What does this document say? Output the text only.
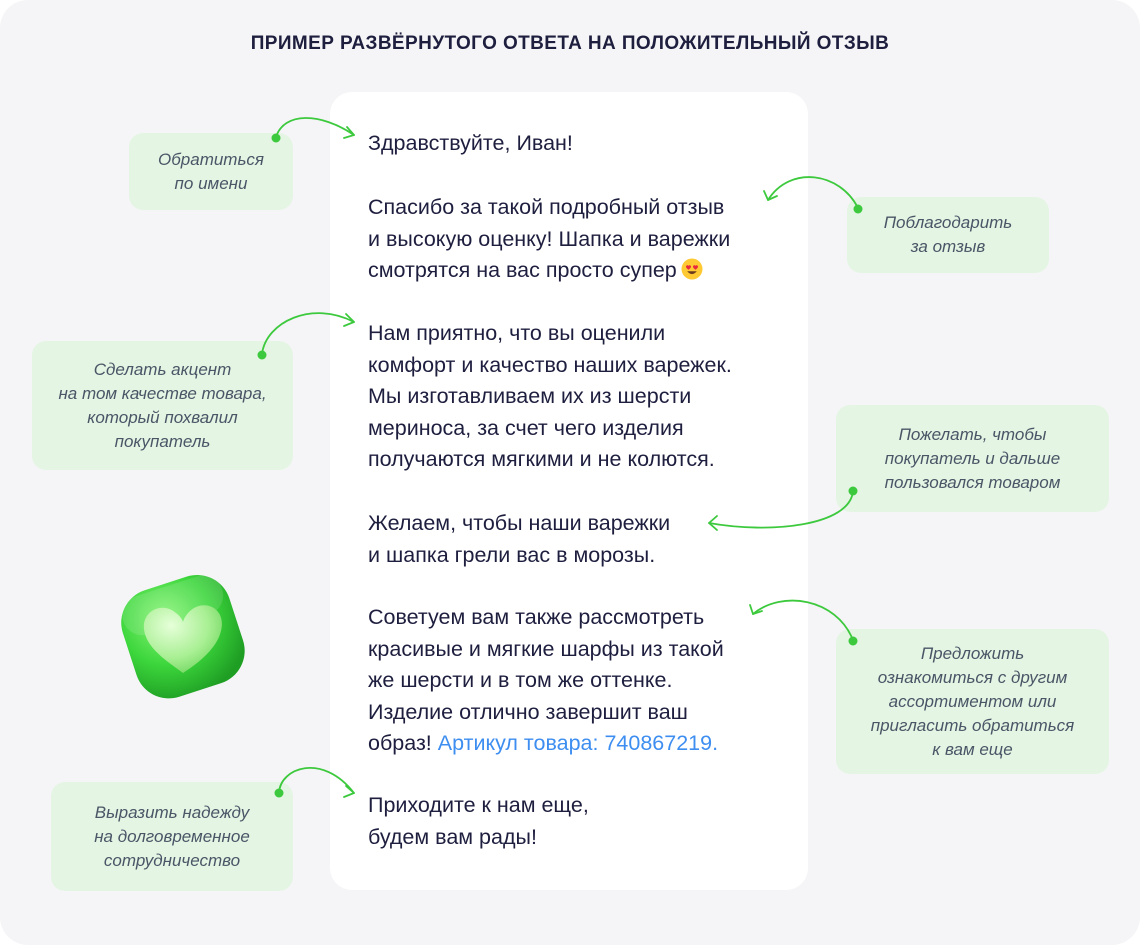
ПРИМЕР РАЗВЁРНУТОГО ОТВЕТА НА ПОЛОЖИТЕЛЬНЫЙ ОТЗЫВ
Здравствуйте, Иван!
Спасибо за такой подробный отзыв
и высокую оценку! Шапка и варежки
смотрятся на вас просто супер
Нам приятно, что вы оценили
комфорт и качество наших варежек.
Мы изготавливаем их из шерсти
мериноса, за счет чего изделия
получаются мягкими и не колются.
Желаем, чтобы наши варежки
и шапка грели вас в морозы.
Советуем вам также рассмотреть
красивые и мягкие шарфы из такой
же шерсти и в том же оттенке.
Изделие отлично завершит ваш
образ! Артикул товара: 740867219.
Приходите к нам еще,
будем вам рады!
Обратиться
по имени
Поблагодарить
за отзыв
Сделать акцент
на том качестве товара,
который похвалил
покупатель	Пожелать, чтобы
покупатель и дальше
пользовался товаром
Предложить
ознакомиться с другим
ассортиментом или
пригласить обратиться
к вам еще
Выразить надежду
на долговременное
сотрудничество
